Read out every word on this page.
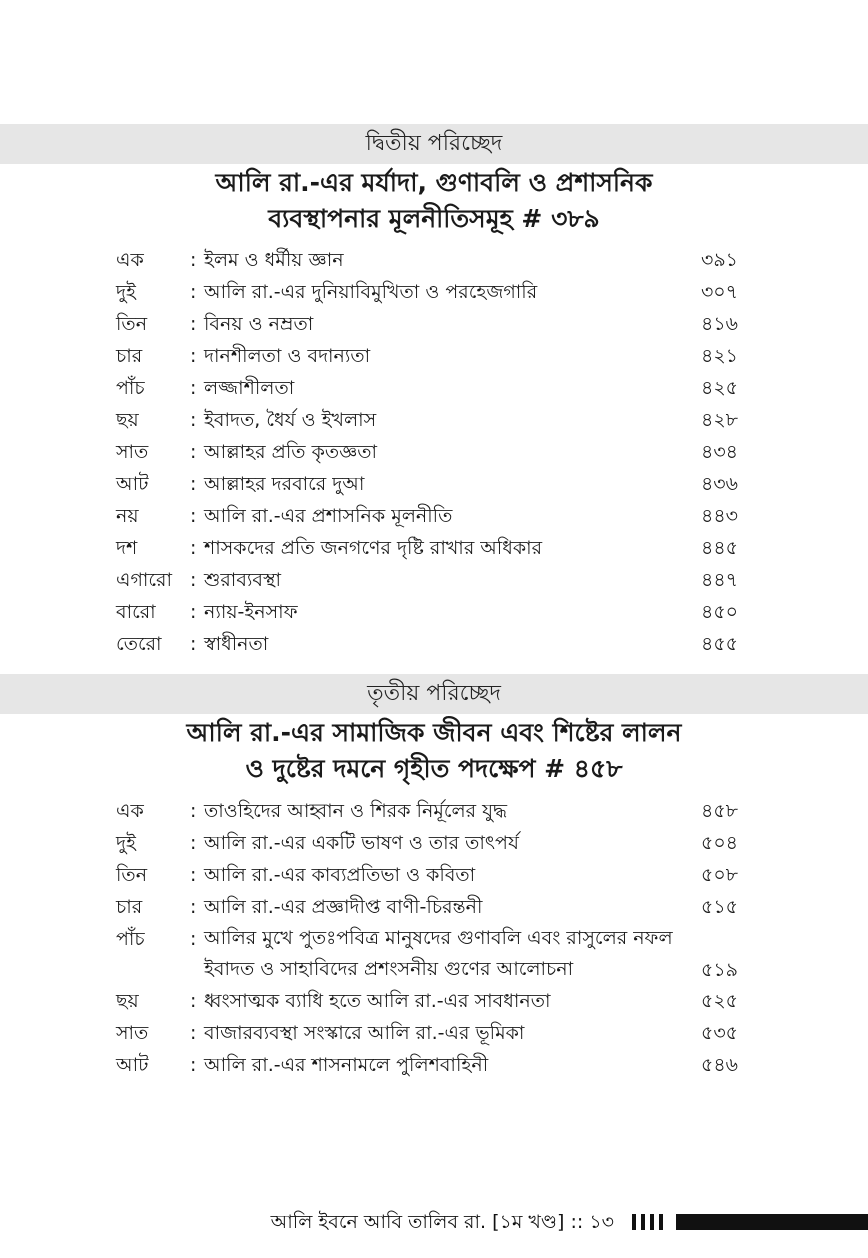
দ্বিতীয় পরিচ্ছেদ
আলি রা.-এর মর্যাদা, গুণাবলি ও প্রশাসনিক
ব্যবস্থাপনার মূলনীতিসমূহ # ৩৮৯
এক : ইলম ও ধর্মীয় জ্ঞান	৩৯১
দুই	: আলি রা.-এর দুনিয়াবিমুখিতা ও পরহেজগারি	৩০৭
তিন : বিনয় ও নম্রতা	৪১৬
চার	: দানশীলতা ও বদান্যতা	৪২১
পাঁচ : লজ্জাশীলতা	৪২৫
ছয়	: ইবাদত, ধৈর্য ও ইখলাস	৪২৮
সাত : আল্লাহর প্রতি কৃতজ্ঞতা	৪৩৪
আট : আল্লাহর দরবারে দুআ	৪৩৬
নয়	: আলি রা.-এর প্রশাসনিক মূলনীতি	৪৪৩
দশ	: শাসকদের প্রতি জনগণের দৃষ্টি রাখার অধিকার	৪৪৫
এগারো : শুরাব্যবস্থা	৪৪৭
বারো : ন্যায়-ইনসাফ	৪৫০
তেরো : স্বাধীনতা	৪৫৫
তৃতীয় পরিচ্ছেদ
আলি রা.-এর সামাজিক জীবন এবং শিষ্টের লালন
ও দুষ্টের দমনে গৃহীত পদক্ষেপ # ৪৫৮
এক : তাওহিদের আহ্বান ও শিরক নির্মূলের যুদ্ধ	৪৫৮
দুই	: আলি রা.-এর একটি ভাষণ ও তার তাৎপর্য	৫০৪
তিন : আলি রা.-এর কাব্যপ্রতিভা ও কবিতা	৫০৮
চার	: আলি রা.-এর প্রজ্ঞাদীপ্ত বাণী-চিরন্তনী	৫১৫
পাঁচ : আলির মুখে পুতঃপবিত্র মানুষদের গুণাবলি এবং রাসুলের নফল ইবাদত ও সাহাবিদের প্রশংসনীয় গুণের আলোচনা	৫১৯
ছয়	: ধ্বংসাত্মক ব্যাধি হতে আলি রা.-এর সাবধানতা	৫২৫
সাত : বাজারব্যবস্থা সংস্কারে আলি রা.-এর ভূমিকা	৫৩৫
আট : আলি রা.-এর শাসনামলে পুলিশবাহিনী	৫৪৬
আলি ইবনে আবি তালিব রা. [১ম খণ্ড] :: ১৩
